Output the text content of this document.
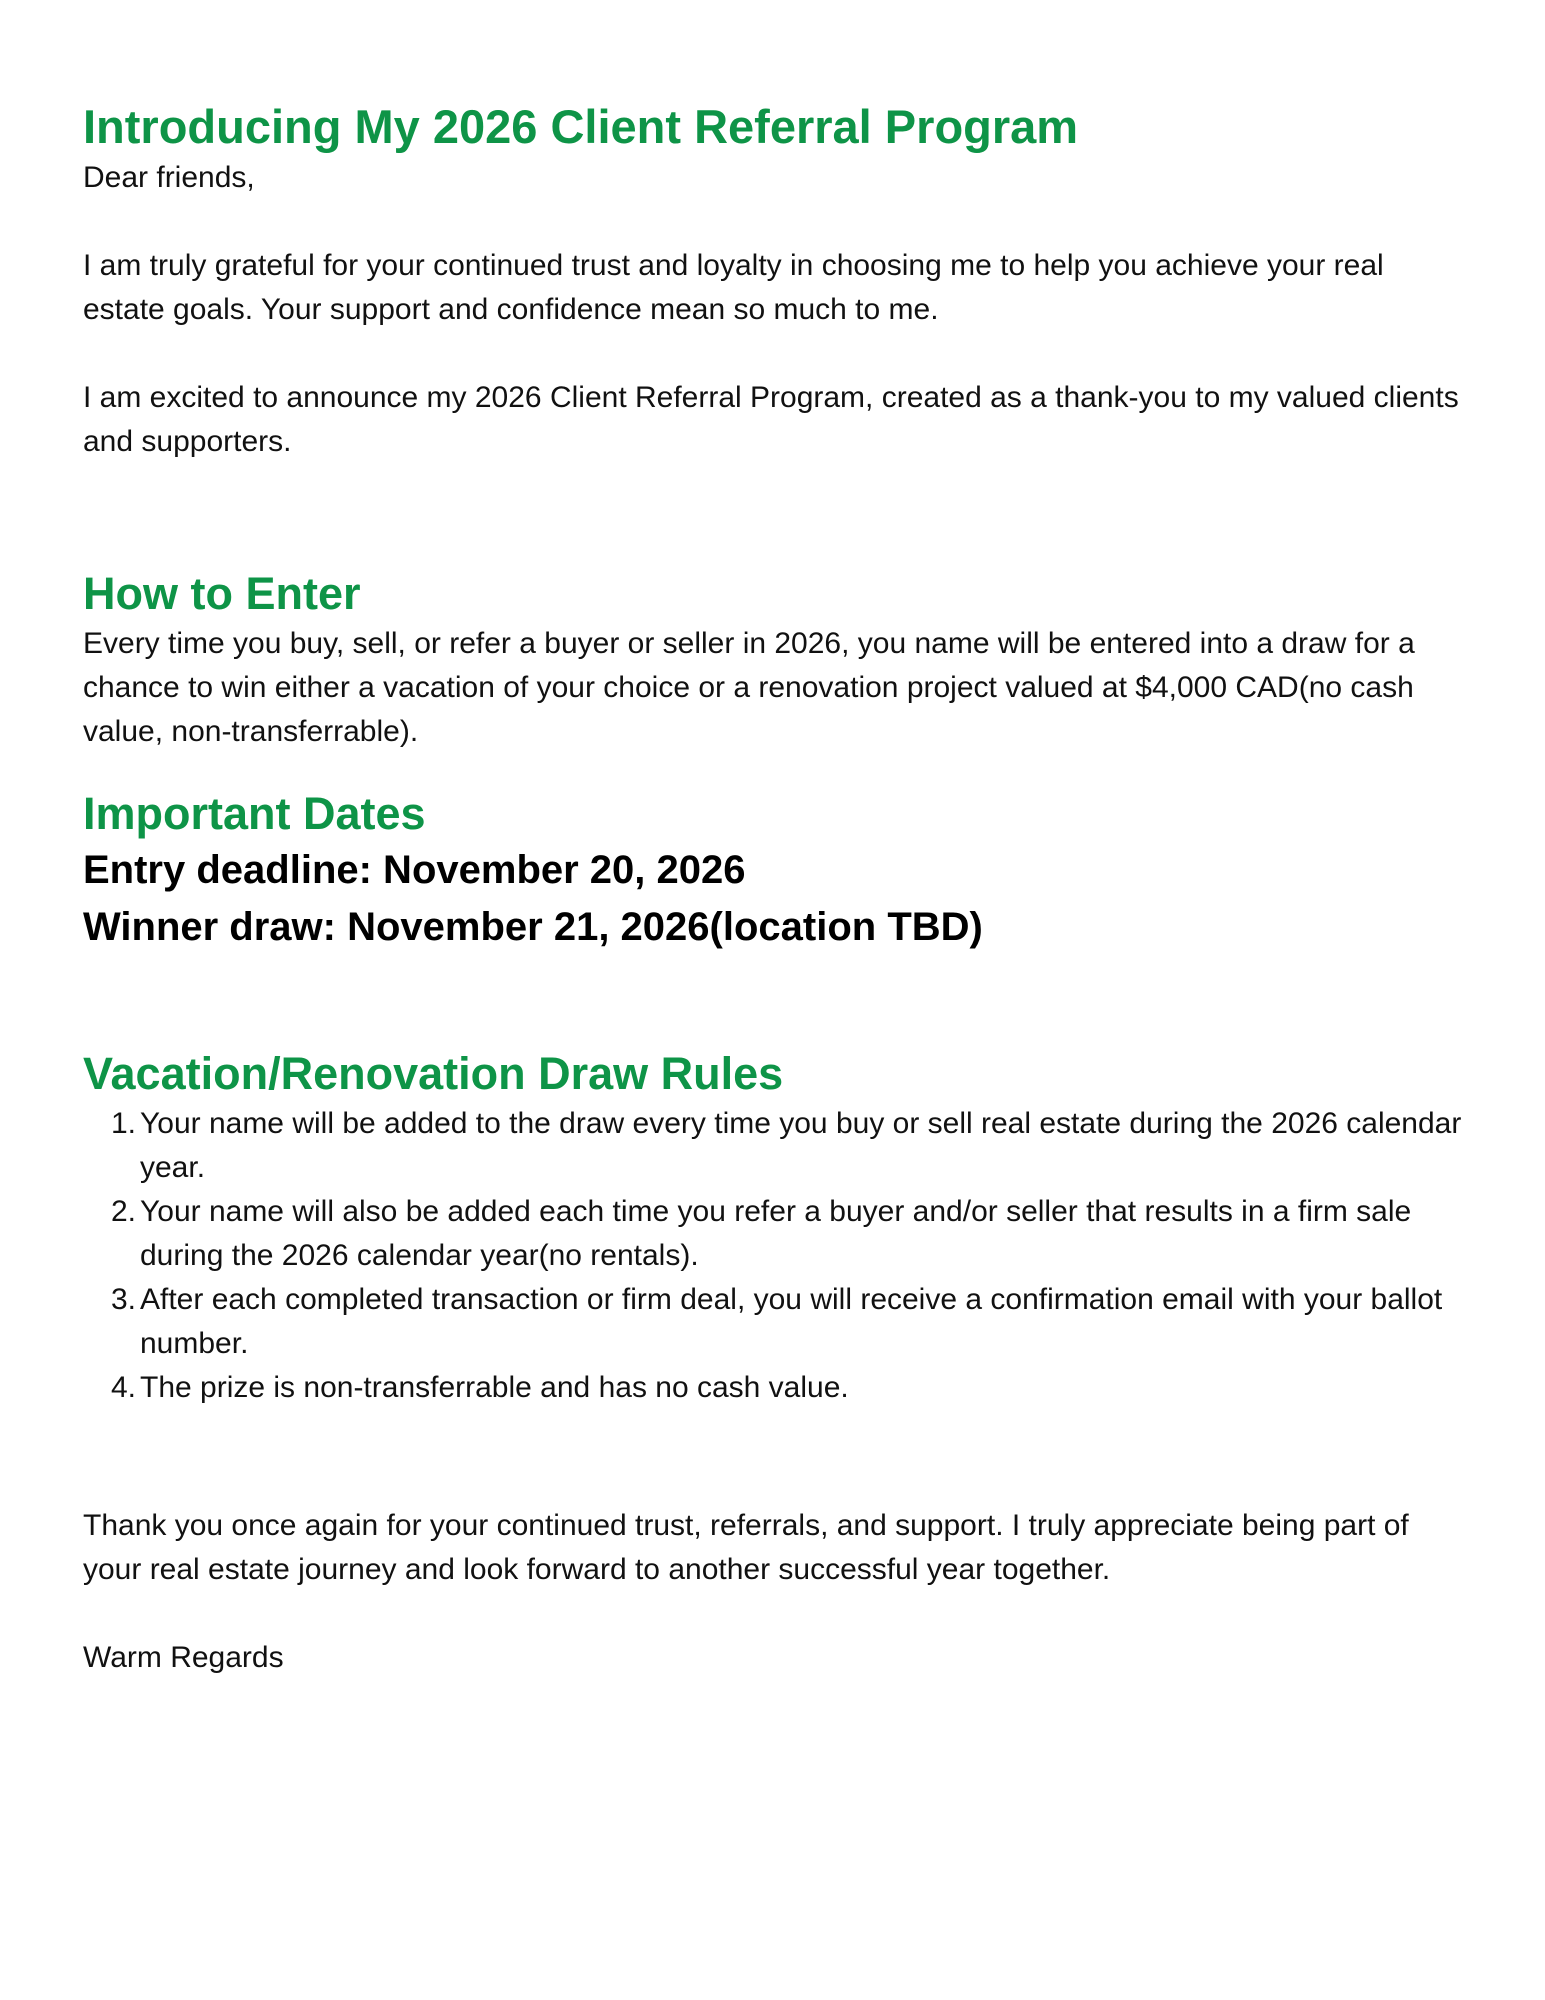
Introducing My 2026 Client Referral Program

Dear friends,

I am truly grateful for your continued trust and loyalty in choosing me to help you achieve your real estate goals. Your support and confidence mean so much to me.

I am excited to announce my 2026 Client Referral Program, created as a thank-you to my valued clients and supporters.

How to Enter

Every time you buy, sell, or refer a buyer or seller in 2026, you name will be entered into a draw for a chance to win either a vacation of your choice or a renovation project valued at $4,000 CAD(no cash value, non-transferrable).

Important Dates

Entry deadline: November 20, 2026

Winner draw: November 21, 2026(location TBD)

Vacation/Renovation Draw Rules
1. Your name will be added to the draw every time you buy or sell real estate during the 2026 calendar year.
2. Your name will also be added each time you refer a buyer and/or seller that results in a firm sale during the 2026 calendar year(no rentals).
3. After each completed transaction or firm deal, you will receive a confirmation email with your ballot number.
4. The prize is non-transferrable and has no cash value.

Thank you once again for your continued trust, referrals, and support. I truly appreciate being part of your real estate journey and look forward to another successful year together.

Warm Regards
